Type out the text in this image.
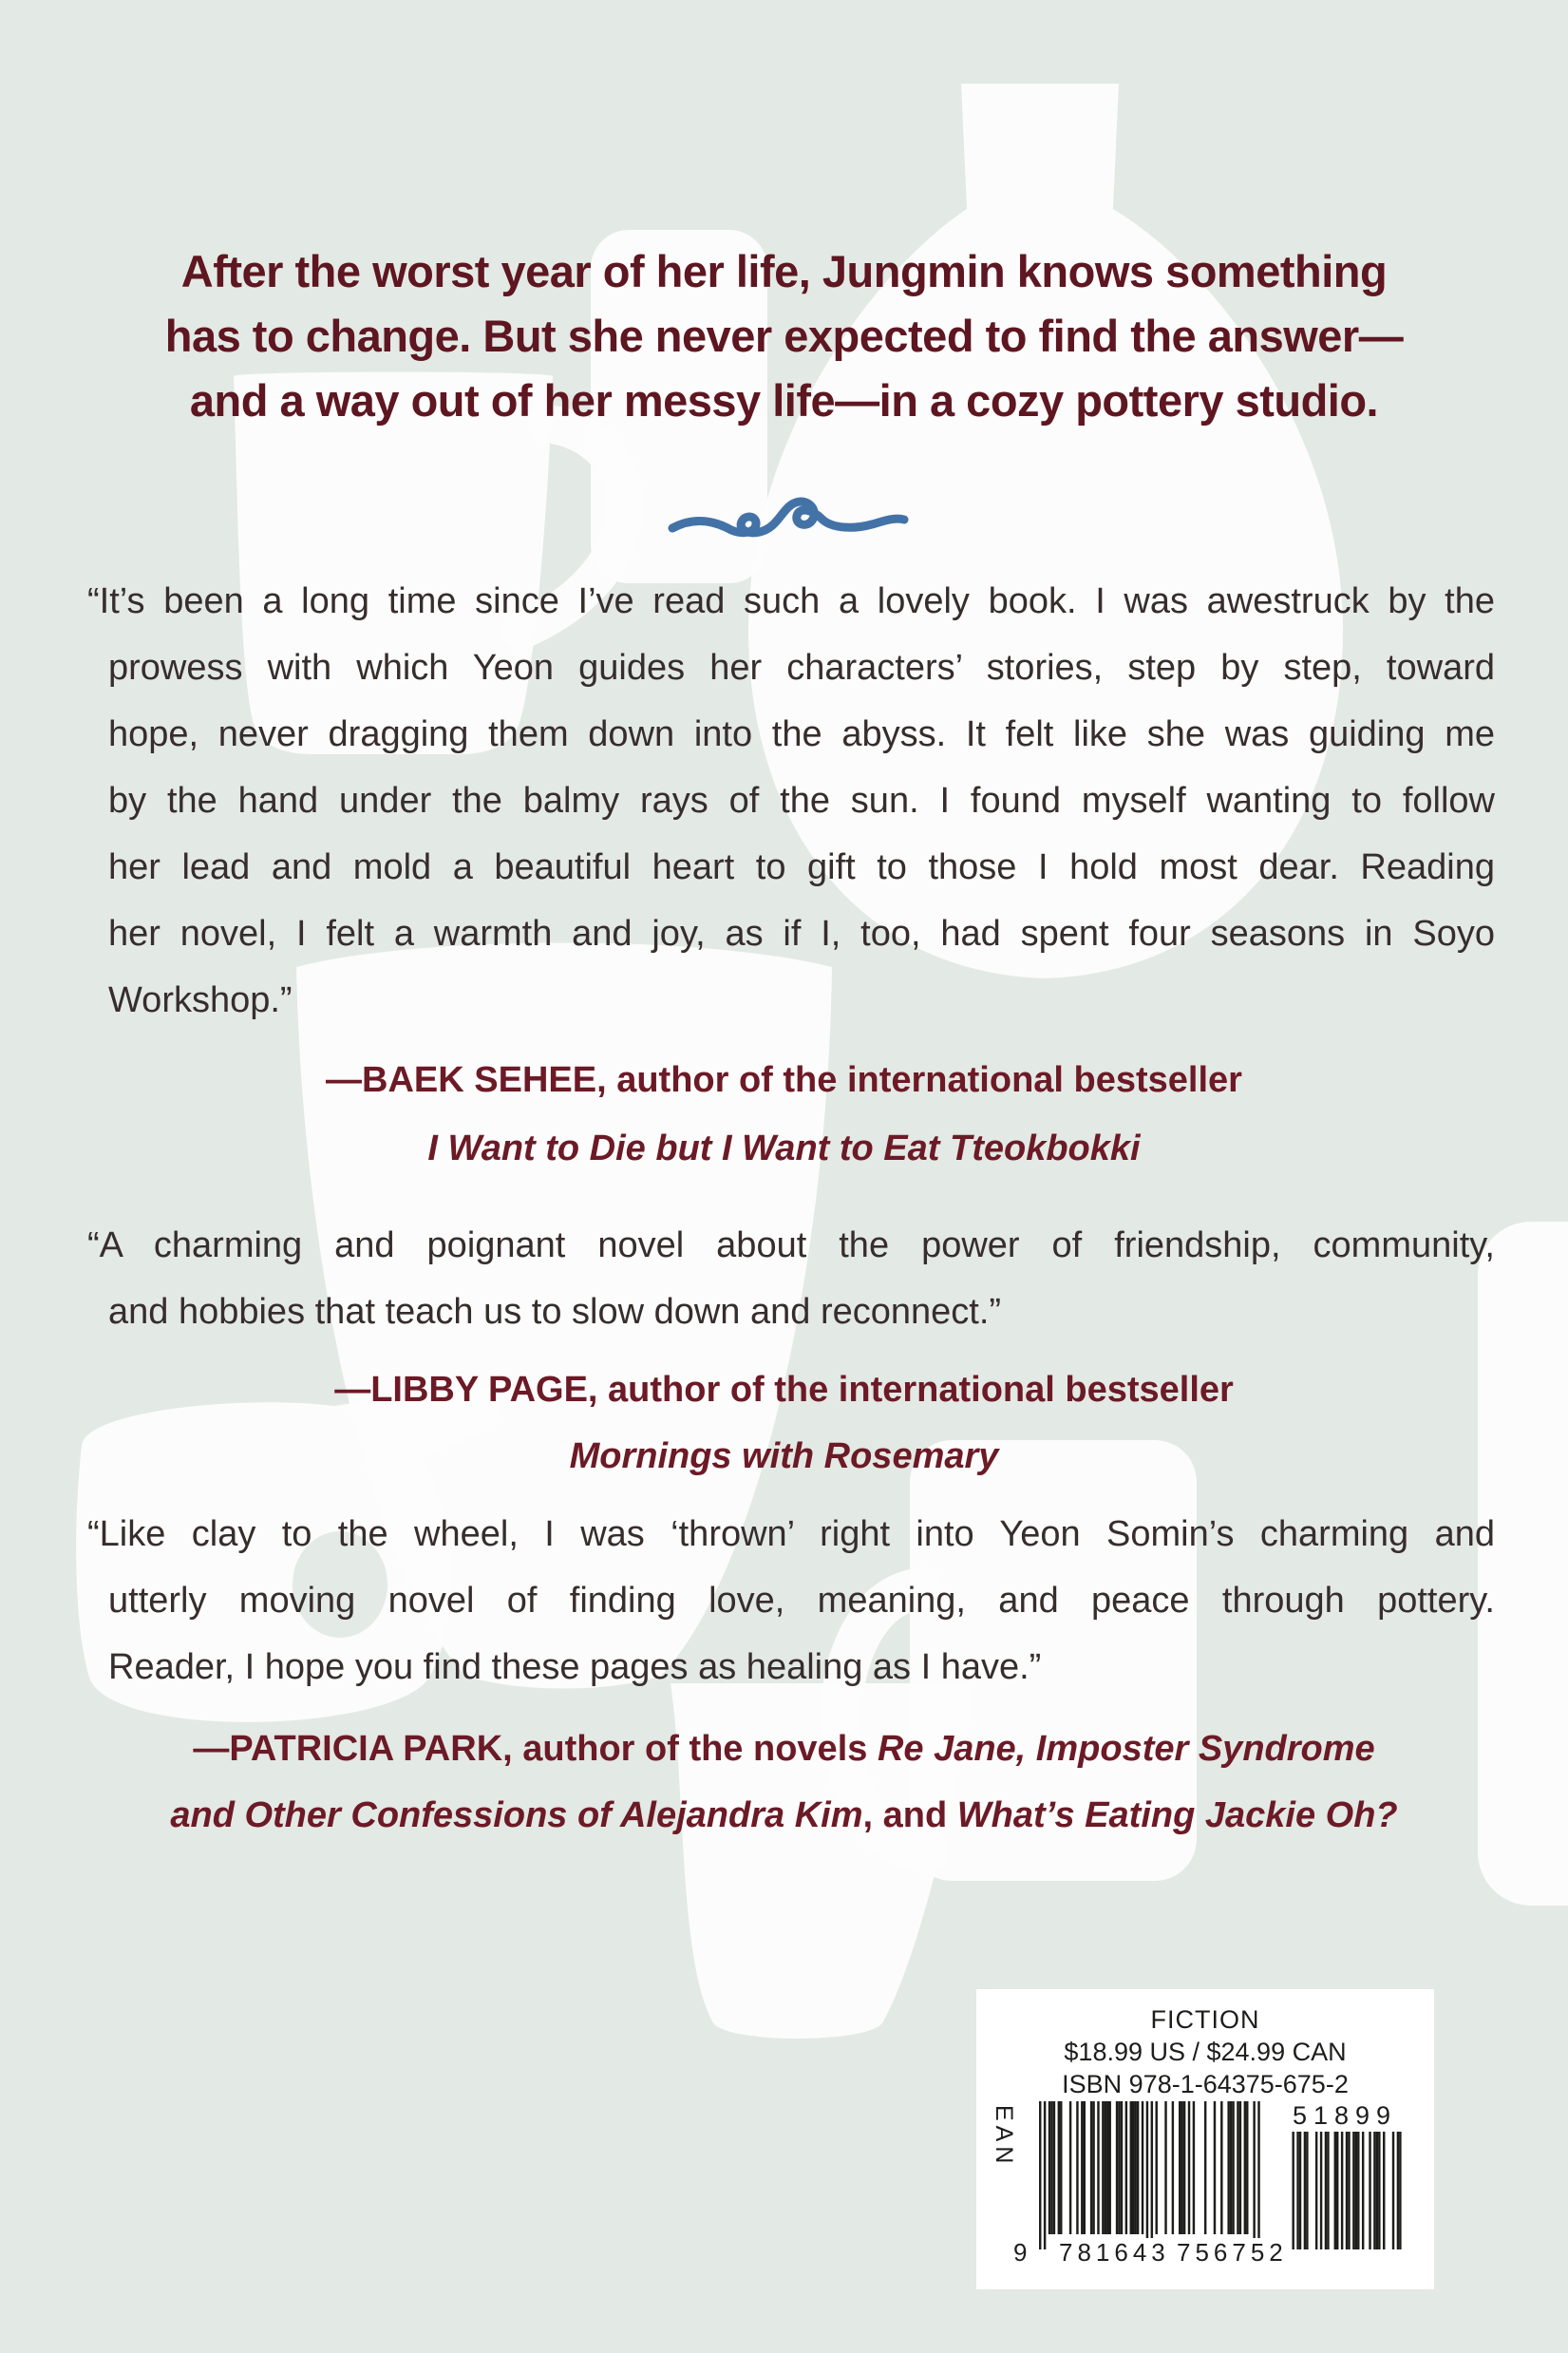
After the worst year of her life, Jungmin knows something
has to change. But she never expected to find the answer—
and a way out of her messy life—in a cozy pottery studio.
“It’s been a long time since I’ve read such a lovely book. I was awestruck by the
prowess with which Yeon guides her characters’ stories, step by step, toward
hope, never dragging them down into the abyss. It felt like she was guiding me
by the hand under the balmy rays of the sun. I found myself wanting to follow
her lead and mold a beautiful heart to gift to those I hold most dear. Reading
her novel, I felt a warmth and joy, as if I, too, had spent four seasons in Soyo
Workshop.”
—BAEK SEHEE, author of the international bestseller
I Want to Die but I Want to Eat Tteokbokki
“A charming and poignant novel about the power of friendship, community,
and hobbies that teach us to slow down and reconnect.”
—LIBBY PAGE, author of the international bestseller
Mornings with Rosemary
“Like clay to the wheel, I was ‘thrown’ right into Yeon Somin’s charming and
utterly moving novel of finding love, meaning, and peace through pottery.
Reader, I hope you find these pages as healing as I have.”
—PATRICIA PARK, author of the novels Re Jane, Imposter Syndrome
and Other Confessions of Alejandra Kim, and What’s Eating Jackie Oh?
FICTION
$18.99 US / $24.99 CAN
ISBN 978-1-64375-675-2
EAN	51899
9 781643 756752
